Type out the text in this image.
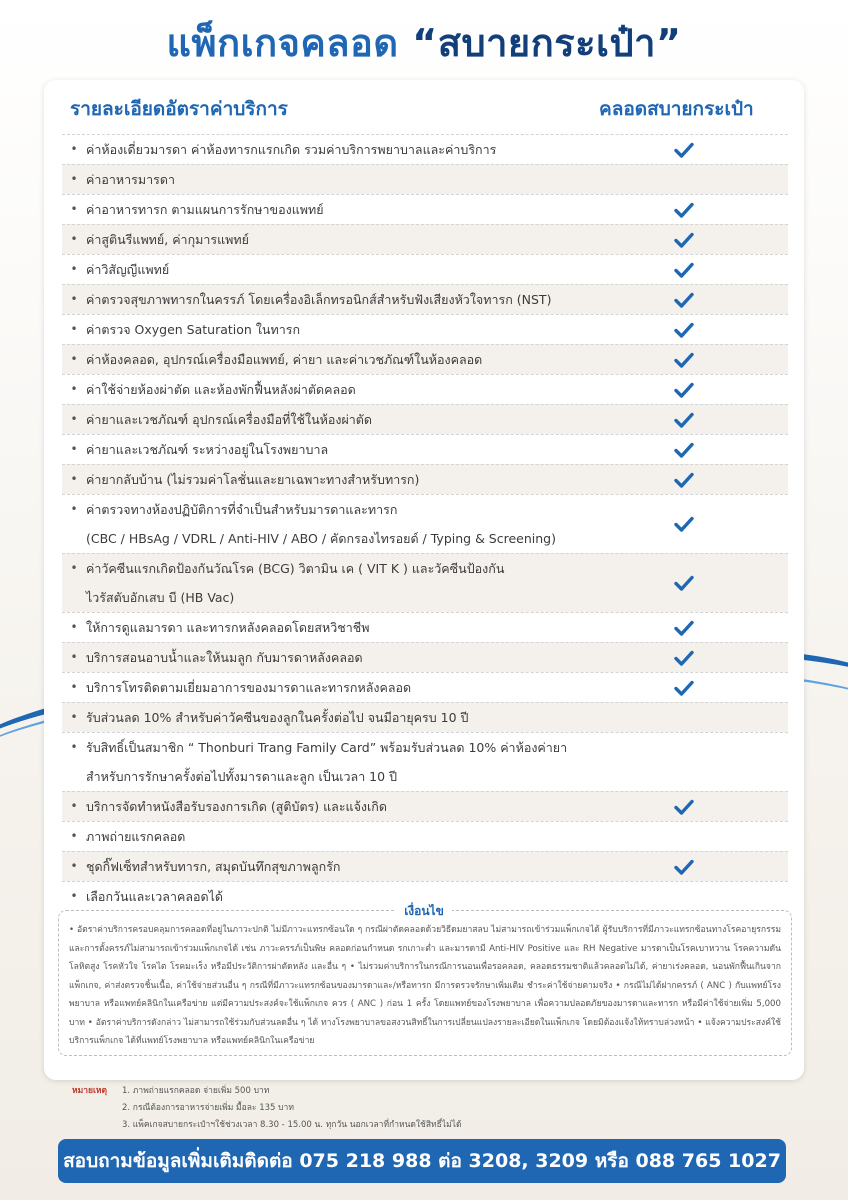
แพ็กเกจคลอด “สบายกระเป๋า”
รายละเอียดอัตราค่าบริการ	คลอดสบายกระเป๋า
• ค่าห้องเดี่ยวมารดา ค่าห้องทารกแรกเกิด รวมค่าบริการพยาบาลและค่าบริการ
• ค่าอาหารมารดา
• ค่าอาหารทารก ตามแผนการรักษาของแพทย์
• ค่าสูตินรีแพทย์, ค่ากุมารแพทย์
• ค่าวิสัญญีแพทย์
• ค่าตรวจสุขภาพทารกในครรภ์ โดยเครื่องอิเล็กทรอนิกส์สำหรับฟังเสียงหัวใจทารก (NST)
• ค่าตรวจ Oxygen Saturation ในทารก
• ค่าห้องคลอด, อุปกรณ์เครื่องมือแพทย์, ค่ายา และค่าเวชภัณฑ์ในห้องคลอด
• ค่าใช้จ่ายห้องผ่าตัด และห้องพักฟื้นหลังผ่าตัดคลอด
• ค่ายาและเวชภัณฑ์ อุปกรณ์เครื่องมือที่ใช้ในห้องผ่าตัด
• ค่ายาและเวชภัณฑ์ ระหว่างอยู่ในโรงพยาบาล
• ค่ายากลับบ้าน (ไม่รวมค่าโลชั่นและยาเฉพาะทางสำหรับทารก)
• ค่าตรวจทางห้องปฏิบัติการที่จำเป็นสำหรับมารดาและทารก
(CBC / HBsAg / VDRL / Anti-HIV / ABO / คัดกรองไทรอยด์ / Typing & Screening)
• ค่าวัคซีนแรกเกิดป้องกันวัณโรค (BCG) วิตามิน เค ( VIT K ) และวัคซีนป้องกัน
ไวรัสตับอักเสบ บี (HB Vac)
• ให้การดูแลมารดา และทารกหลังคลอดโดยสหวิชาชีพ
• บริการสอนอาบน้ำและให้นมลูก กับมารดาหลังคลอด
• บริการโทรติดตามเยี่ยมอาการของมารดาและทารกหลังคลอด
• รับส่วนลด 10% สำหรับค่าวัคซีนของลูกในครั้งต่อไป จนมีอายุครบ 10 ปี
• รับสิทธิ์เป็นสมาชิก “ Thonburi Trang Family Card” พร้อมรับส่วนลด 10% ค่าห้องค่ายา
สำหรับการรักษาครั้งต่อไปทั้งมารดาและลูก เป็นเวลา 10 ปี
• บริการจัดทำหนังสือรับรองการเกิด (สูติบัตร) และแจ้งเกิด
• ภาพถ่ายแรกคลอด
• ชุดกิ๊ฟเซ็ทสำหรับทารก, สมุดบันทึกสุขภาพลูกรัก
• เลือกวันและเวลาคลอดได้
• อัตราค่าบริการครอบคลุมการคลอดที่อยู่ในภาวะปกติ ไม่มีภาวะแทรกซ้อนใด ๆ กรณีผ่าตัดคลอดด้วยวิธีดมยาสลบ ไม่สามารถเข้าร่วมแพ็กเกจได้ ผู้รับบริการที่มีภาวะแทรกซ้อนทางโรคอายุรกรรม และการตั้งครรภ์ไม่สามารถเข้าร่วมแพ็กเกจได้ เช่น ภาวะครรภ์เป็นพิษ คลอดก่อนกำหนด รกเกาะต่ำ และมารดามี Anti-HIV Positive และ RH Negative มารดาเป็นโรคเบาหวาน โรคความดันโลหิตสูง โรคหัวใจ โรคไต โรคมะเร็ง หรือมีประวัติการผ่าตัดหลัง และอื่น ๆ • ไม่รวมค่าบริการในกรณีการนอนเพื่อรอคลอด, คลอดธรรมชาติแล้วคลอดไม่ได้, ค่ายาเร่งคลอด, นอนพักฟื้นเกินจากแพ็กเกจ, ค่าส่งตรวจชิ้นเนื้อ, ค่าใช้จ่ายส่วนอื่น ๆ กรณีที่มีภาวะแทรกซ้อนของมารดาและ/หรือทารก มีการตรวจรักษาเพิ่มเติม ชำระค่าใช้จ่ายตามจริง • กรณีไม่ได้ฝากครรภ์ ( ANC ) กับแพทย์โรงพยาบาล หรือแพทย์คลินิกในเครือข่าย แต่มีความประสงค์จะใช้แพ็กเกจ ควร ( ANC ) ก่อน 1 ครั้ง โดยแพทย์ของโรงพยาบาล เพื่อความปลอดภัยของมารดาและทารก หรือมีค่าใช้จ่ายเพิ่ม 5,000 บาท • อัตราค่าบริการดังกล่าว ไม่สามารถใช้ร่วมกับส่วนลดอื่น ๆ ได้ ทางโรงพยาบาลขอสงวนสิทธิ์ในการเปลี่ยนแปลงรายละเอียดในแพ็กเกจ โดยมิต้องแจ้งให้ทราบล่วงหน้า • แจ้งความประสงค์ใช้บริการแพ็กเกจ ได้ที่แพทย์โรงพยาบาล หรือแพทย์คลินิกในเครือข่าย
เงื่อนไข
หมายเหตุ 1. ภาพถ่ายแรกคลอด จ่ายเพิ่ม 500 บาท
2. กรณีต้องการอาหารจ่ายเพิ่ม มื้อละ 135 บาท
3. แพ็คเกจสบายกระเป๋าฯใช้ช่วงเวลา 8.30 - 15.00 น. ทุกวัน นอกเวลาที่กำหนดใช้สิทธิ์ไม่ได้
สอบถามข้อมูลเพิ่มเติมติดต่อ 075 218 988 ต่อ 3208, 3209 หรือ 088 765 1027
